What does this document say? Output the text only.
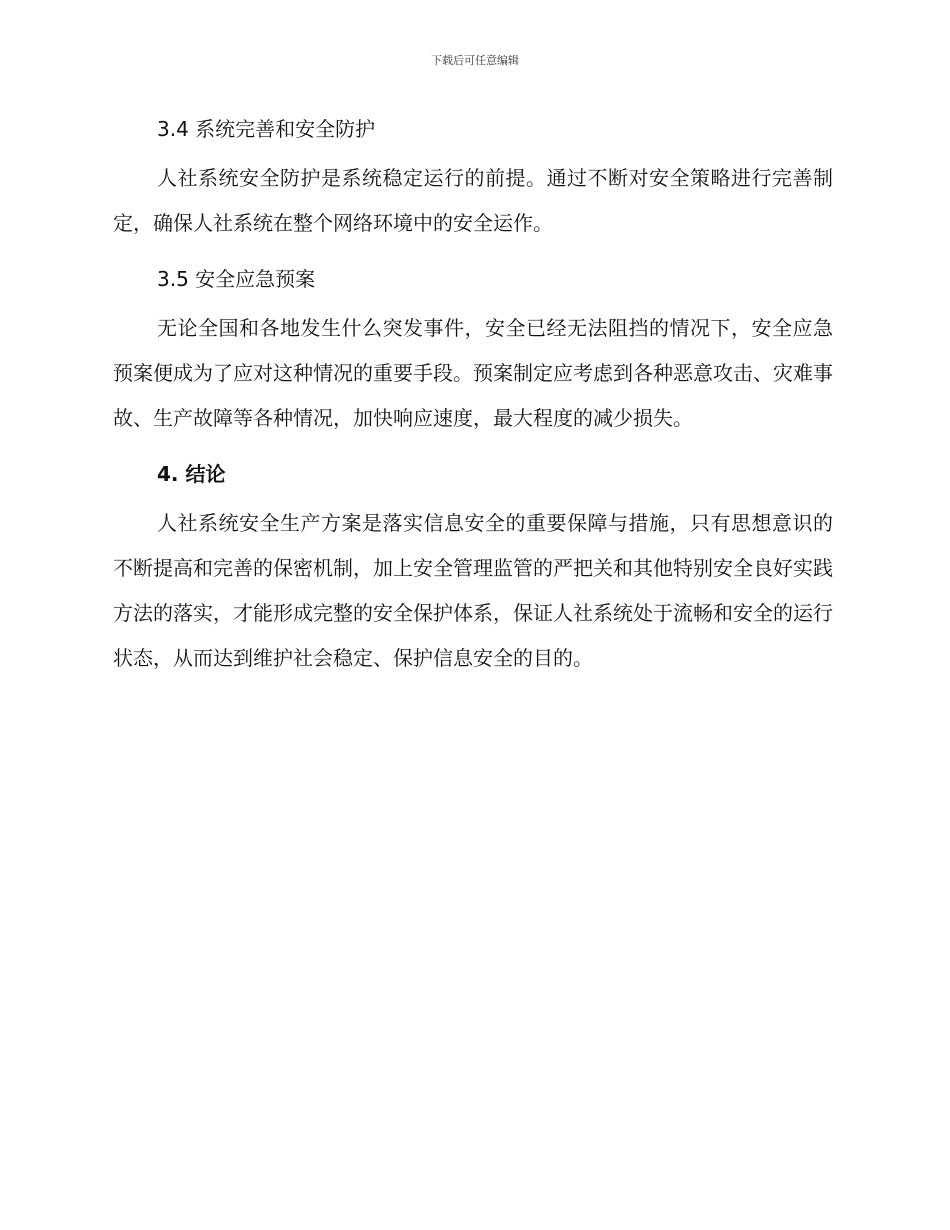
下载后可任意编辑
3.4 系统完善和安全防护

人社系统安全防护是系统稳定运行的前提。通过不断对安全策略进行完善制定，确保人社系统在整个网络环境中的安全运作。

3.5 安全应急预案

无论全国和各地发生什么突发事件，安全已经无法阻挡的情况下，安全应急预案便成为了应对这种情况的重要手段。预案制定应考虑到各种恶意攻击、灾难事故、生产故障等各种情况，加快响应速度，最大程度的减少损失。

4. 结论

人社系统安全生产方案是落实信息安全的重要保障与措施，只有思想意识的不断提高和完善的保密机制，加上安全管理监管的严把关和其他特别安全良好实践方法的落实，才能形成完整的安全保护体系，保证人社系统处于流畅和安全的运行状态，从而达到维护社会稳定、保护信息安全的目的。
